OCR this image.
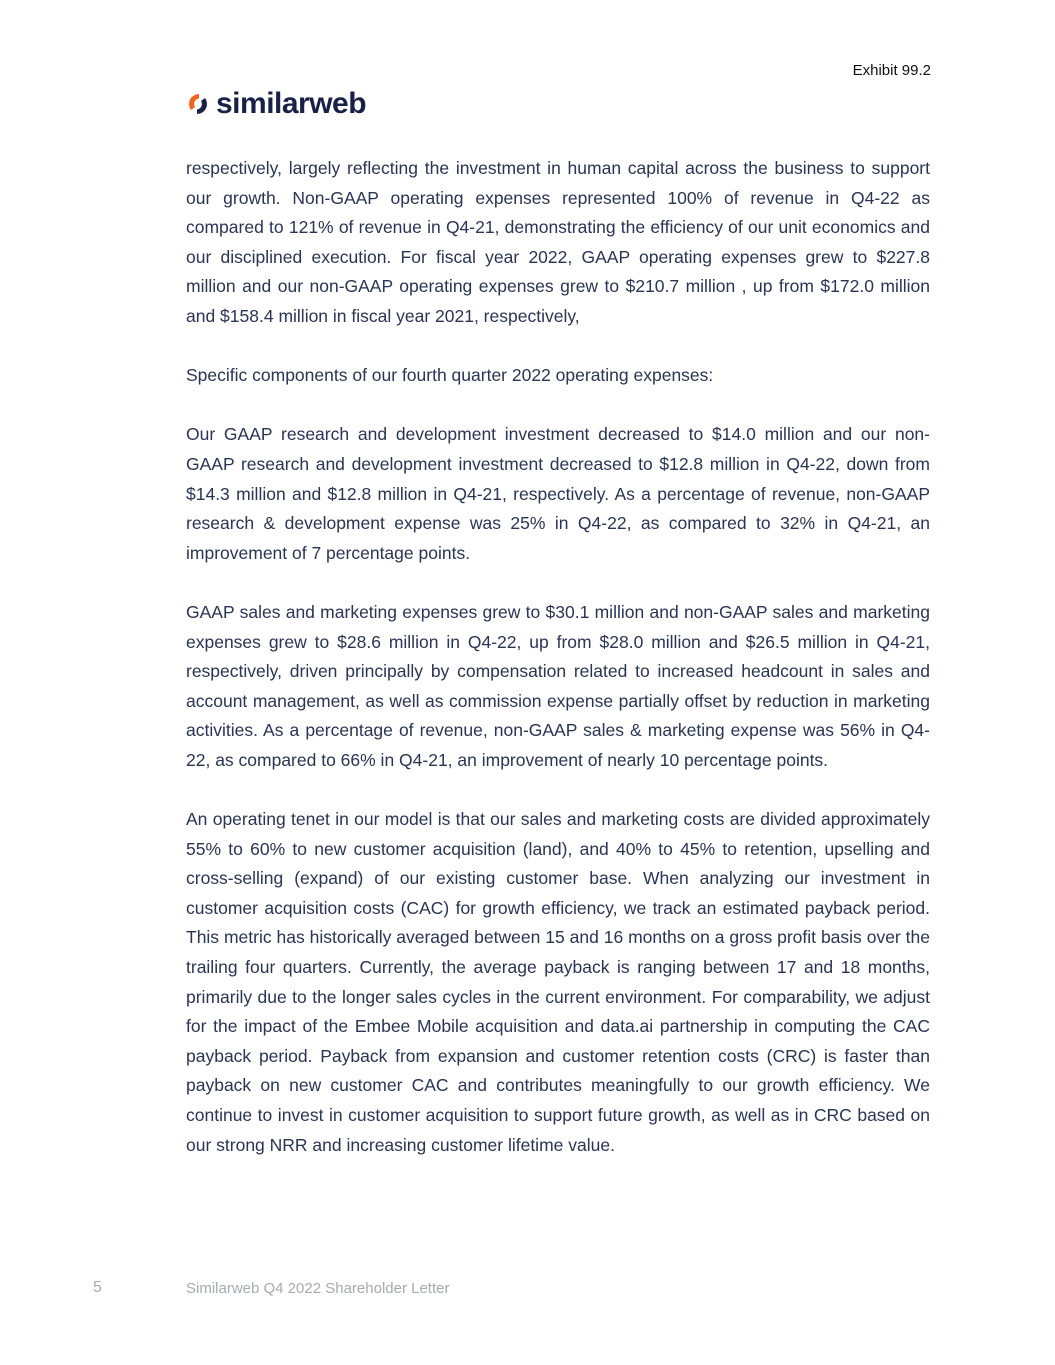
Exhibit 99.2
similarweb

respectively, largely reflecting the investment in human capital across the business to support our growth. Non-GAAP operating expenses represented 100% of revenue in Q4-22 as compared to 121% of revenue in Q4-21, demonstrating the efficiency of our unit economics and our disciplined execution. For fiscal year 2022, GAAP operating expenses grew to $227.8 million and our non-GAAP operating expenses grew to $210.7 million , up from $172.0 million and $158.4 million in fiscal year 2021, respectively,

Specific components of our fourth quarter 2022 operating expenses:

Our GAAP research and development investment decreased to $14.0 million and our non-GAAP research and development investment decreased to $12.8 million in Q4-22, down from $14.3 million and $12.8 million in Q4-21, respectively. As a percentage of revenue, non-GAAP research & development expense was 25% in Q4-22, as compared to 32% in Q4-21, an improvement of 7 percentage points.

GAAP sales and marketing expenses grew to $30.1 million and non-GAAP sales and marketing expenses grew to $28.6 million in Q4-22, up from $28.0 million and $26.5 million in Q4-21, respectively, driven principally by compensation related to increased headcount in sales and account management, as well as commission expense partially offset by reduction in marketing activities. As a percentage of revenue, non-GAAP sales & marketing expense was 56% in Q4-22, as compared to 66% in Q4-21, an improvement of nearly 10 percentage points.

An operating tenet in our model is that our sales and marketing costs are divided approximately 55% to 60% to new customer acquisition (land), and 40% to 45% to retention, upselling and cross-selling (expand) of our existing customer base. When analyzing our investment in customer acquisition costs (CAC) for growth efficiency, we track an estimated payback period. This metric has historically averaged between 15 and 16 months on a gross profit basis over the trailing four quarters. Currently, the average payback is ranging between 17 and 18 months, primarily due to the longer sales cycles in the current environment. For comparability, we adjust for the impact of the Embee Mobile acquisition and data.ai partnership in computing the CAC payback period. Payback from expansion and customer retention costs (CRC) is faster than payback on new customer CAC and contributes meaningfully to our growth efficiency. We continue to invest in customer acquisition to support future growth, as well as in CRC based on our strong NRR and increasing customer lifetime value.

5	Similarweb Q4 2022 Shareholder Letter
